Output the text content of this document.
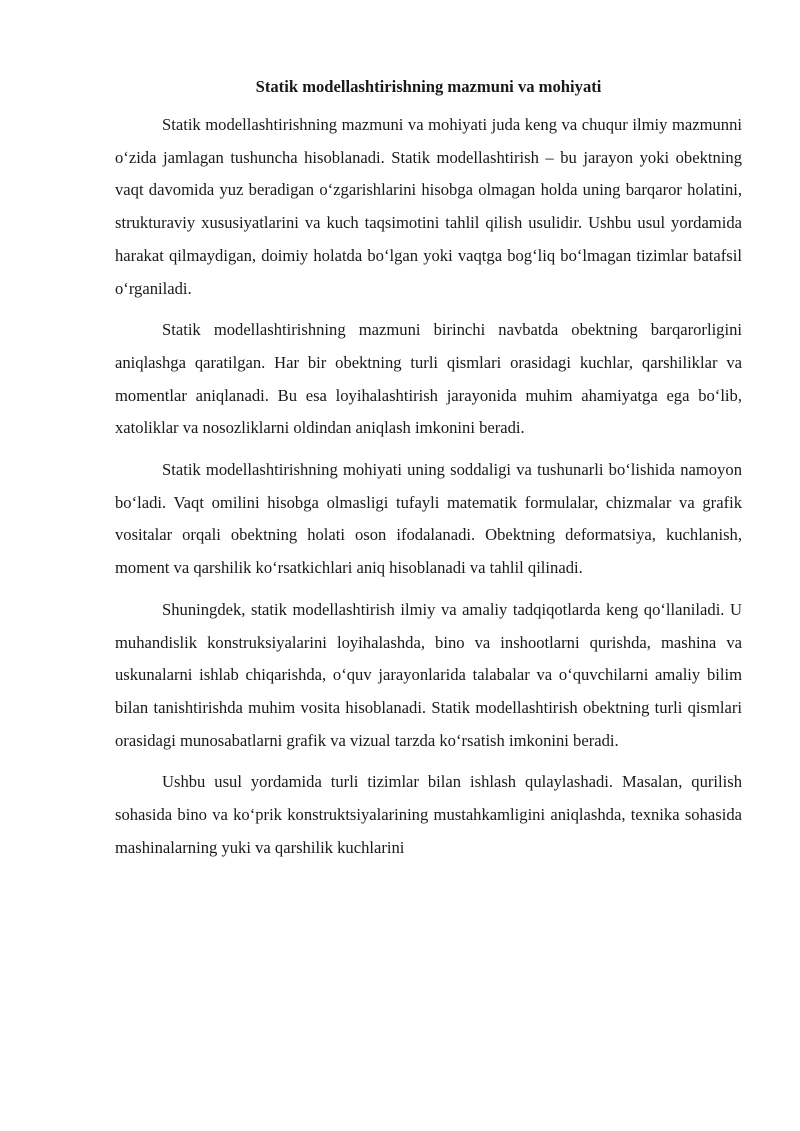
Statik modellashtirishning mazmuni va mohiyati

Statik modellashtirishning mazmuni va mohiyati juda keng va chuqur ilmiy mazmunni o‘zida jamlagan tushuncha hisoblanadi. Statik modellashtirish – bu jarayon yoki obektning vaqt davomida yuz beradigan o‘zgarishlarini hisobga olmagan holda uning barqaror holatini, strukturaviy xususiyatlarini va kuch taqsimotini tahlil qilish usulidir. Ushbu usul yordamida harakat qilmaydigan, doimiy holatda bo‘lgan yoki vaqtga bog‘liq bo‘lmagan tizimlar batafsil o‘rganiladi.

Statik modellashtirishning mazmuni birinchi navbatda obektning barqarorligini aniqlashga qaratilgan. Har bir obektning turli qismlari orasidagi kuchlar, qarshiliklar va momentlar aniqlanadi. Bu esa loyihalashtirish jarayonida muhim ahamiyatga ega bo‘lib, xatoliklar va nosozliklarni oldindan aniqlash imkonini beradi.

Statik modellashtirishning mohiyati uning soddaligi va tushunarli bo‘lishida namoyon bo‘ladi. Vaqt omilini hisobga olmasligi tufayli matematik formulalar, chizmalar va grafik vositalar orqali obektning holati oson ifodalanadi. Obektning deformatsiya, kuchlanish, moment va qarshilik ko‘rsatkichlari aniq hisoblanadi va tahlil qilinadi.

Shuningdek, statik modellashtirish ilmiy va amaliy tadqiqotlarda keng qo‘llaniladi. U muhandislik konstruksiyalarini loyihalashda, bino va inshootlarni qurishda, mashina va uskunalarni ishlab chiqarishda, o‘quv jarayonlarida talabalar va o‘quvchilarni amaliy bilim bilan tanishtirishda muhim vosita hisoblanadi. Statik modellashtirish obektning turli qismlari orasidagi munosabatlarni grafik va vizual tarzda ko‘rsatish imkonini beradi.

Ushbu usul yordamida turli tizimlar bilan ishlash qulaylashadi. Masalan, qurilish sohasida bino va ko‘prik konstruktsiyalarining mustahkamligini aniqlashda, texnika sohasida mashinalarning yuki va qarshilik kuchlarini
